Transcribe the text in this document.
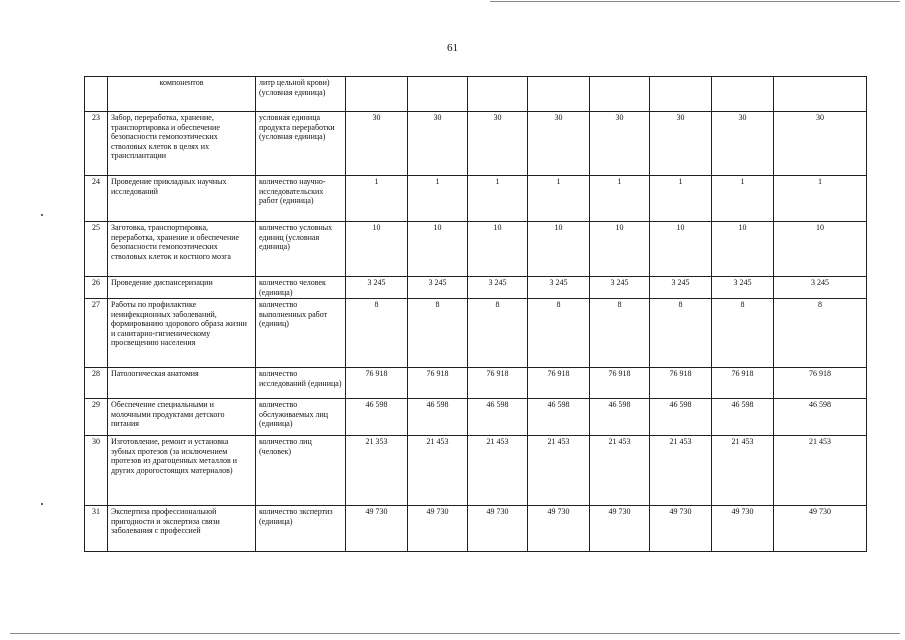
61
	компонентов	литр цельной крови) (условная единица)								
23	Забор, переработка, хранение, транспортировка и обеспечение безопасности гемопоэтических стволовых клеток в целях их трансплантации	условная единица продукта переработки (условная единица)	30	30	30	30	30	30	30	30
24	Проведение прикладных научных исследований	количество научно-исследовательских работ (единица)	1	1	1	1	1	1	1	1
25	Заготовка, транспортировка, переработка, хранение и обеспечение безопасности гемопоэтических стволовых клеток и костного мозга	количество условных единиц (условная единица)	10	10	10	10	10	10	10	10
26	Проведение диспансеризации	количество человек (единица)	3 245	3 245	3 245	3 245	3 245	3 245	3 245	3 245
27	Работы по профилактике неинфекционных заболеваний, формированию здорового образа жизни и санитарно-гигиеническому просвещению населения	количество выполненных работ (единиц)	8	8	8	8	8	8	8	8
28	Патологическая анатомия	количество исследований (единица)	76 918	76 918	76 918	76 918	76 918	76 918	76 918	76 918
29	Обеспечение специальными и молочными продуктами детского питания	количество обслуживаемых лиц (единица)	46 598	46 598	46 598	46 598	46 598	46 598	46 598	46 598
30	Изготовление, ремонт и установка зубных протезов (за исключением протезов из драгоценных металлов и других дорогостоящих материалов)	количество лиц (человек)	21 353	21 453	21 453	21 453	21 453	21 453	21 453	21 453
31	Экспертиза профессиональной пригодности и экспертиза связи заболевания с профессией	количество экспертиз (единица)	49 730	49 730	49 730	49 730	49 730	49 730	49 730	49 730
